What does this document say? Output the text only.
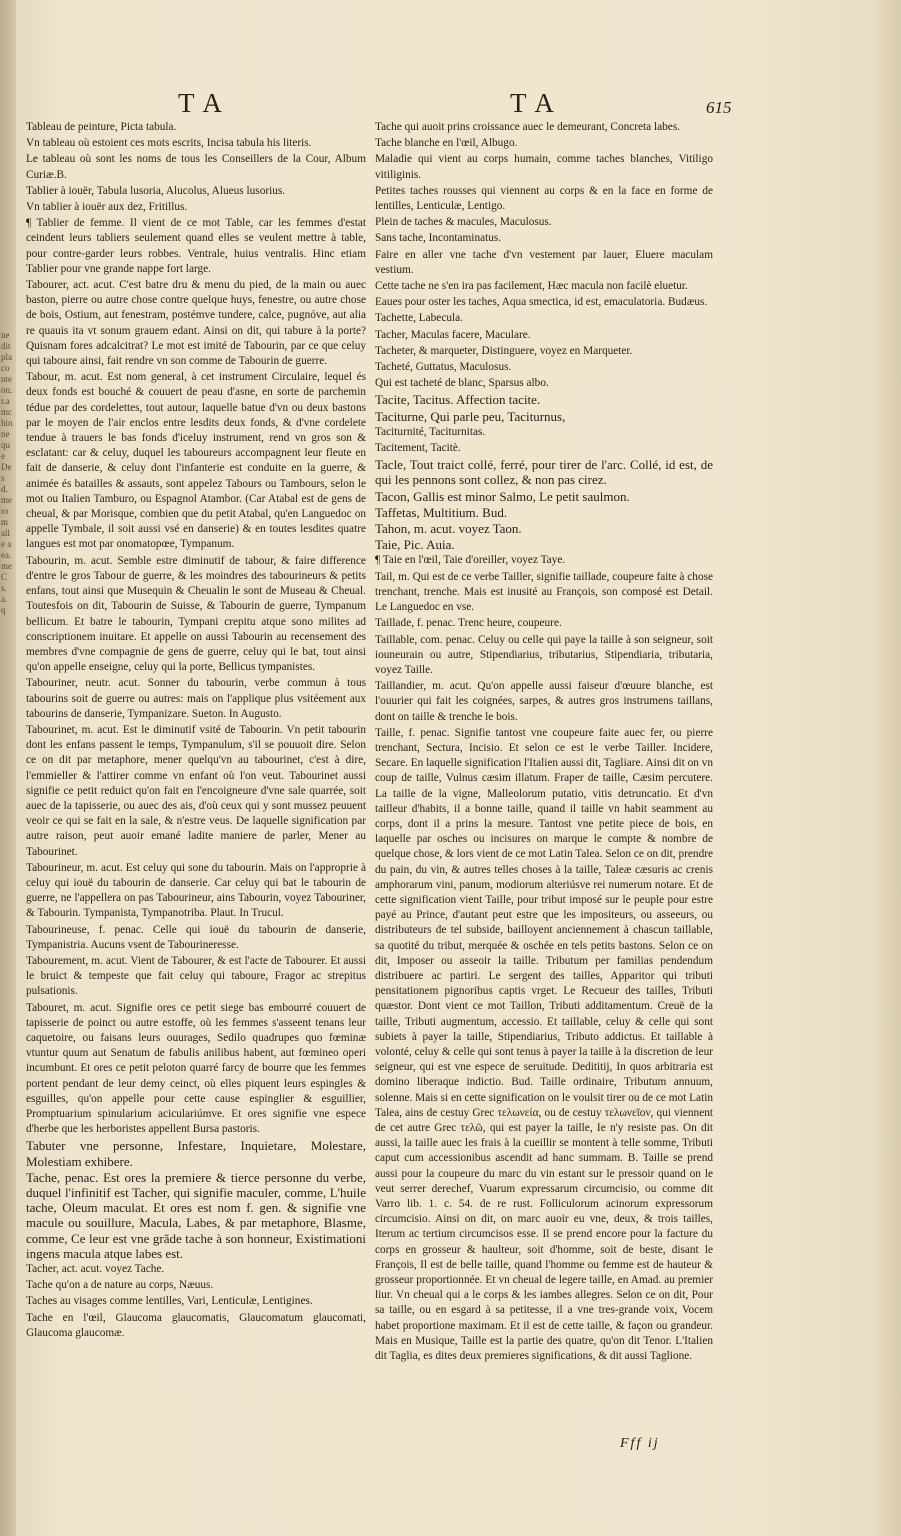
ne ditplaconte on.r.amchin ne que Des d.me rom alle a ea.me C s. a. q
TA	TA	615

Tableau de peinture, Picta tabula.

Vn tableau où estoient ces mots escrits, Incisa tabula his literis.

Le tableau où sont les noms de tous les Conseillers de la Cour, Album Curiæ.B.

Tablier à iouër, Tabula lusoria, Alucolus, Alueus lusorius.

Vn tablier à iouër aux dez, Fritillus.

¶ Tablier de femme. Il vient de ce mot Table, car les femmes d'estat ceindent leurs tabliers seulement quand elles se veulent mettre à table, pour contre-garder leurs robbes. Ventrale, huius ventralis. Hinc etiam Tablier pour vne grande nappe fort large.

Tabourer, act. acut. C'est batre dru & menu du pied, de la main ou auec baston, pierre ou autre chose contre quelque huys, fenestre, ou autre chose de bois, Ostium, aut fenestram, postémve tundere, calce, pugnóve, aut alia re quauis ita vt sonum grauem edant. Ainsi on dit, qui tabure à la porte? Quisnam fores adcalcitrat? Le mot est imité de Tabourin, par ce que celuy qui taboure ainsi, fait rendre vn son comme de Tabourin de guerre.

Tabour, m. acut. Est nom general, à cet instrument Circulaire, lequel és deux fonds est bouché & couuert de peau d'asne, en sorte de parchemin tédue par des cordelettes, tout autour, laquelle batue d'vn ou deux bastons par le moyen de l'air enclos entre lesdits deux fonds, & d'vne cordelete tendue à trauers le bas fonds d'iceluy instrument, rend vn gros son & esclatant: car & celuy, duquel les taboureurs accompagnent leur fleute en fait de danserie, & celuy dont l'infanterie est conduite en la guerre, & animée és batailles & assauts, sont appelez Tabours ou Tambours, selon le mot ou Italien Tamburo, ou Espagnol Atambor. (Car Atabal est de gens de cheual, & par Morisque, combien que du petit Atabal, qu'en Languedoc on appelle Tymbale, il soit aussi vsé en danserie) & en toutes lesdites quatre langues est mot par onomatopœe, Tympanum.

Tabourin, m. acut. Semble estre diminutif de tabour, & faire difference d'entre le gros Tabour de guerre, & les moindres des tabourineurs & petits enfans, tout ainsi que Musequin & Cheualin le sont de Museau & Cheual. Toutesfois on dit, Tabourin de Suisse, & Tabourin de guerre, Tympanum bellicum. Et batre le tabourin, Tympani crepitu atque sono milites ad conscriptionem inuitare. Et appelle on aussi Tabourin au recensement des membres d'vne compagnie de gens de guerre, celuy qui le bat, tout ainsi qu'on appelle enseigne, celuy qui la porte, Bellicus tympanistes.

Tabouriner, neutr. acut. Sonner du tabourin, verbe commun à tous tabourins soit de guerre ou autres: mais on l'applique plus vsitéement aux tabourins de danserie, Tympanizare. Sueton. In Augusto.

Tabourinet, m. acut. Est le diminutif vsité de Tabourin. Vn petit tabourin dont les enfans passent le temps, Tympanulum, s'il se pouuoit dire. Selon ce on dit par metaphore, mener quelqu'vn au tabourinet, c'est à dire, l'emmieller & l'attirer comme vn enfant où l'on veut. Tabourinet aussi signifie ce petit reduict qu'on fait en l'encoigneure d'vne sale quarrée, soit auec de la tapisserie, ou auec des ais, d'où ceux qui y sont mussez peuuent veoir ce qui se fait en la sale, & n'estre veus. De laquelle signification par autre raison, peut auoir emané ladite maniere de parler, Mener au Tabourinet.

Tabourineur, m. acut. Est celuy qui sone du tabourin. Mais on l'approprie à celuy qui iouë du tabourin de danserie. Car celuy qui bat le tabourin de guerre, ne l'appellera on pas Tabourineur, ains Tabourin, voyez Tabouriner, & Tabourin. Tympanista, Tympanotriba. Plaut. In Trucul.

Tabourineuse, f. penac. Celle qui iouë du tabourin de danserie, Tympanistria. Aucuns vsent de Tabourineresse.

Tabourement, m. acut. Vient de Tabourer, & est l'acte de Tabourer. Et aussi le bruict & tempeste que fait celuy qui taboure, Fragor ac strepitus pulsationis.

Tabouret, m. acut. Signifie ores ce petit siege bas embourré couuert de tapisserie de poinct ou autre estoffe, où les femmes s'asseent tenans leur caquetoire, ou faisans leurs ouurages, Sedilo quadrupes quo fœminæ vtuntur quum aut Senatum de fabulis anilibus habent, aut fœmineo operi incumbunt. Et ores ce petit peloton quarré farcy de bourre que les femmes portent pendant de leur demy ceinct, où elles piquent leurs espingles & esguilles, qu'on appelle pour cette cause espinglier & esguillier, Promptuarium spinularium aciculariúmve. Et ores signifie vne espece d'herbe que les herboristes appellent Bursa pastoris.

Tabuter vne personne, Infestare, Inquietare, Molestare, Molestiam exhibere.

Tache, penac. Est ores la premiere & tierce personne du verbe, duquel l'infinitif est Tacher, qui signifie maculer, comme, L'huile tache, Oleum maculat. Et ores est nom f. gen. & signifie vne macule ou souillure, Macula, Labes, & par metaphore, Blasme, comme, Ce leur est vne grãde tache à son honneur, Existimationi ingens macula atque labes est.

Tacher, act. acut. voyez Tache.

Tache qu'on a de nature au corps, Næuus.

Taches au visages comme lentilles, Vari, Lenticulæ, Lentigines.

Tache en l'œil, Glaucoma glaucomatis, Glaucomatum glaucomati, Glaucoma glaucomæ.

Tache qui auoit prins croissance auec le demeurant, Concreta labes.

Tache blanche en l'œil, Albugo.

Maladie qui vient au corps humain, comme taches blanches, Vitiligo vitiliginis.

Petites taches rousses qui viennent au corps & en la face en forme de lentilles, Lenticulæ, Lentigo.

Plein de taches & macules, Maculosus.

Sans tache, Incontaminatus.

Faire en aller vne tache d'vn vestement par lauer, Eluere maculam vestium.

Cette tache ne s'en ira pas facilement, Hæc macula non facilè eluetur.

Eaues pour oster les taches, Aqua smectica, id est, emaculatoria. Budæus.

Tachette, Labecula.

Tacher, Maculas facere, Maculare.

Tacheter, & marqueter, Distinguere, voyez en Marqueter.

Tacheté, Guttatus, Maculosus.

Qui est tacheté de blanc, Sparsus albo.

Tacite, Tacitus. Affection tacite.

Taciturne, Qui parle peu, Taciturnus,

Taciturnité, Taciturnitas.

Tacitement, Tacitè.

Tacle, Tout traict collé, ferré, pour tirer de l'arc. Collé, id est, de qui les pennons sont collez, & non pas cirez.

Tacon, Gallis est minor Salmo, Le petit saulmon.

Taffetas, Multitium. Bud.

Tahon, m. acut. voyez Taon.

Taie, Pic. Auia.

¶ Taie en l'œil, Taie d'oreiller, voyez Taye.

Tail, m. Qui est de ce verbe Tailler, signifie taillade, coupeure faite à chose trenchant, trenche. Mais est inusité au François, son composé est Detail. Le Languedoc en vse.

Taillade, f. penac. Trenc heure, coupeure.

Taillable, com. penac. Celuy ou celle qui paye la taille à son seigneur, soit iouneurain ou autre, Stipendiarius, tributarius, Stipendiaria, tributaria, voyez Taille.

Taillandier, m. acut. Qu'on appelle aussi faiseur d'œuure blanche, est l'ouurier qui fait les coignées, sarpes, & autres gros instrumens taillans, dont on taille & trenche le bois.

Taille, f. penac. Signifie tantost vne coupeure faite auec fer, ou pierre trenchant, Sectura, Incisio. Et selon ce est le verbe Tailler. Incidere, Secare. En laquelle signification l'Italien aussi dit, Tagliare. Ainsi dit on vn coup de taille, Vulnus cæsim illatum. Fraper de taille, Cæsim percutere. La taille de la vigne, Malleolorum putatio, vitis detruncatio. Et d'vn tailleur d'habits, il a bonne taille, quand il taille vn habit seamment au corps, dont il a prins la mesure. Tantost vne petite piece de bois, en laquelle par osches ou incisures on marque le compte & nombre de quelque chose, & lors vient de ce mot Latin Talea. Selon ce on dit, prendre du pain, du vin, & autres telles choses à la taille, Taleæ cæsuris ac crenis amphorarum vini, panum, modiorum alteriúsve rei numerum notare. Et de cette signification vient Taille, pour tribut imposé sur le peuple pour estre payé au Prince, d'autant peut estre que les impositeurs, ou asseeurs, ou distributeurs de tel subside, bailloyent anciennement à chascun taillable, sa quotité du tribut, merquée & oschée en tels petits bastons. Selon ce on dit, Imposer ou asseoir la taille. Tributum per familias pendendum distribuere ac partiri. Le sergent des tailles, Apparitor qui tributi pensitationem pignoribus captis vrget. Le Recueur des tailles, Tributi quæstor. Dont vient ce mot Taillon, Tributi additamentum. Creuë de la taille, Tributi augmentum, accessio. Et taillable, celuy & celle qui sont subiets à payer la taille, Stipendiarius, Tributo addictus. Et taillable à volonté, celuy & celle qui sont tenus à payer la taille à la discretion de leur seigneur, qui est vne espece de seruitude. Dedititij, In quos arbitraria est domino liberaque indictio. Bud. Taille ordinaire, Tributum annuum, solenne. Mais si en cette signification on le voulsit tirer ou de ce mot Latin Talea, ains de cestuy Grec τελωνεία, ou de cestuy τελωνεῖον, qui viennent de cet autre Grec τελῶ, qui est payer la taille, Ie n'y resiste pas. On dit aussi, la taille auec les frais à la cueillir se montent à telle somme, Tributi caput cum accessionibus ascendit ad hanc summam. B. Taille se prend aussi pour la coupeure du marc du vin estant sur le pressoir quand on le veut serrer derechef, Vuarum expressarum circumcisio, ou comme dit Varro lib. 1. c. 54. de re rust. Folliculorum acinorum expressorum circumcisio. Ainsi on dit, on marc auoir eu vne, deux, & trois tailles, Iterum ac tertium circumcisos esse. Il se prend encore pour la facture du corps en grosseur & haulteur, soit d'homme, soit de beste, disant le François, Il est de belle taille, quand l'homme ou femme est de hauteur & grosseur proportionnée. Et vn cheual de legere taille, en Amad. au premier liur. Vn cheual qui a le corps & les iambes allegres. Selon ce on dit, Pour sa taille, ou en esgard à sa petitesse, il a vne tres-grande voix, Vocem habet proportione maximam. Et il est de cette taille, & façon ou grandeur. Mais en Musique, Taille est la partie des quatre, qu'on dit Tenor. L'Italien dit Taglia, es dites deux premieres significations, & dit aussi Taglione.

Fff ij
